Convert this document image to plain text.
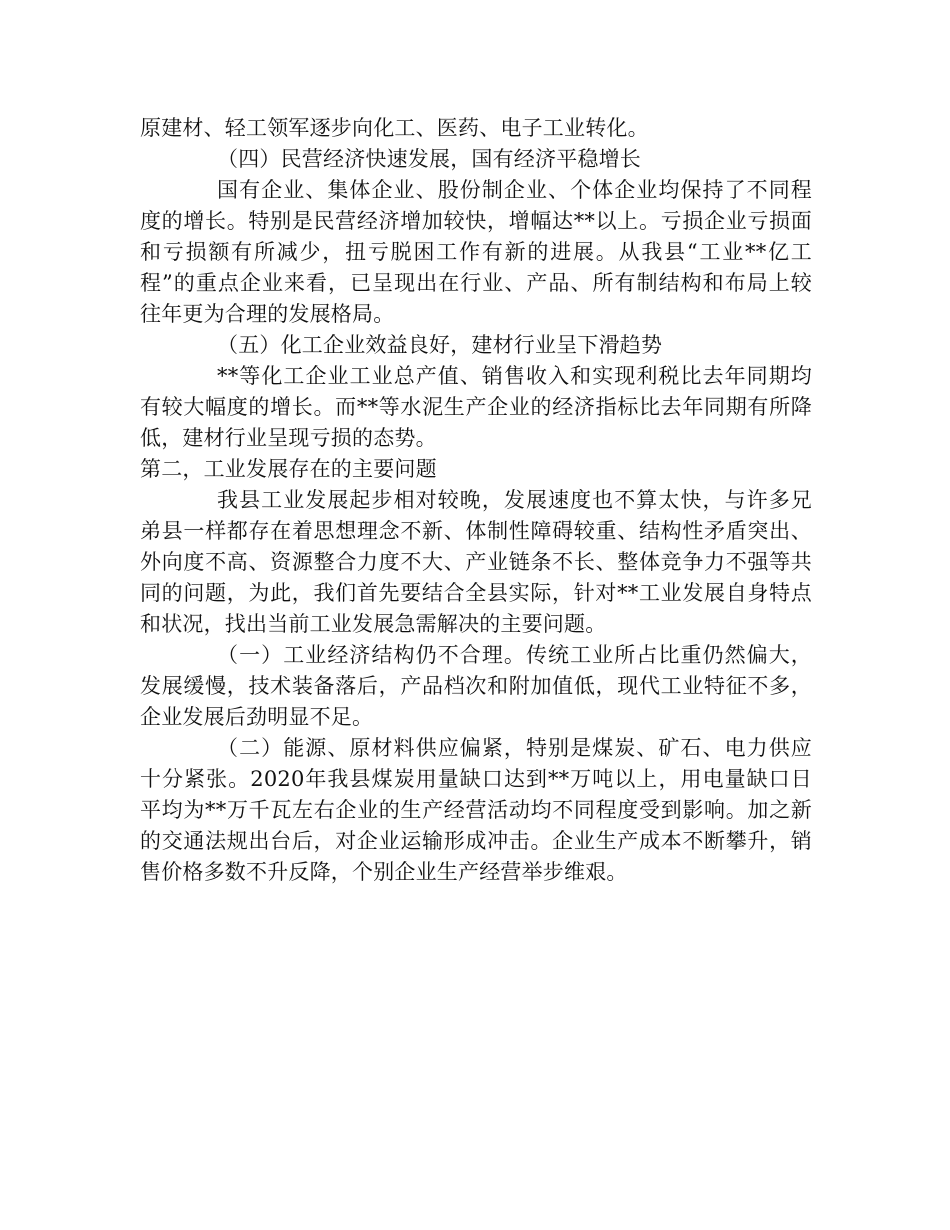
原建材、轻工领军逐步向化工、医药、电子工业转化。
（四）民营经济快速发展，国有经济平稳增长
国有企业、集体企业、股份制企业、个体企业均保持了不同程
度的增长。特别是民营经济增加较快，增幅达**以上。亏损企业亏损面
和亏损额有所减少，扭亏脱困工作有新的进展。从我县“工业**亿工
程”的重点企业来看，已呈现出在行业、产品、所有制结构和布局上较
往年更为合理的发展格局。
（五）化工企业效益良好，建材行业呈下滑趋势
**等化工企业工业总产值、销售收入和实现利税比去年同期均
有较大幅度的增长。而**等水泥生产企业的经济指标比去年同期有所降
低，建材行业呈现亏损的态势。
第二，工业发展存在的主要问题
我县工业发展起步相对较晚，发展速度也不算太快，与许多兄
弟县一样都存在着思想理念不新、体制性障碍较重、结构性矛盾突出、
外向度不高、资源整合力度不大、产业链条不长、整体竞争力不强等共
同的问题，为此，我们首先要结合全县实际，针对**工业发展自身特点
和状况，找出当前工业发展急需解决的主要问题。
（一）工业经济结构仍不合理。传统工业所占比重仍然偏大，
发展缓慢，技术装备落后，产品档次和附加值低，现代工业特征不多，
企业发展后劲明显不足。
（二）能源、原材料供应偏紧，特别是煤炭、矿石、电力供应
十分紧张。2020年我县煤炭用量缺口达到**万吨以上，用电量缺口日
平均为**万千瓦左右企业的生产经营活动均不同程度受到影响。加之新
的交通法规出台后，对企业运输形成冲击。企业生产成本不断攀升，销
售价格多数不升反降，个别企业生产经营举步维艰。
